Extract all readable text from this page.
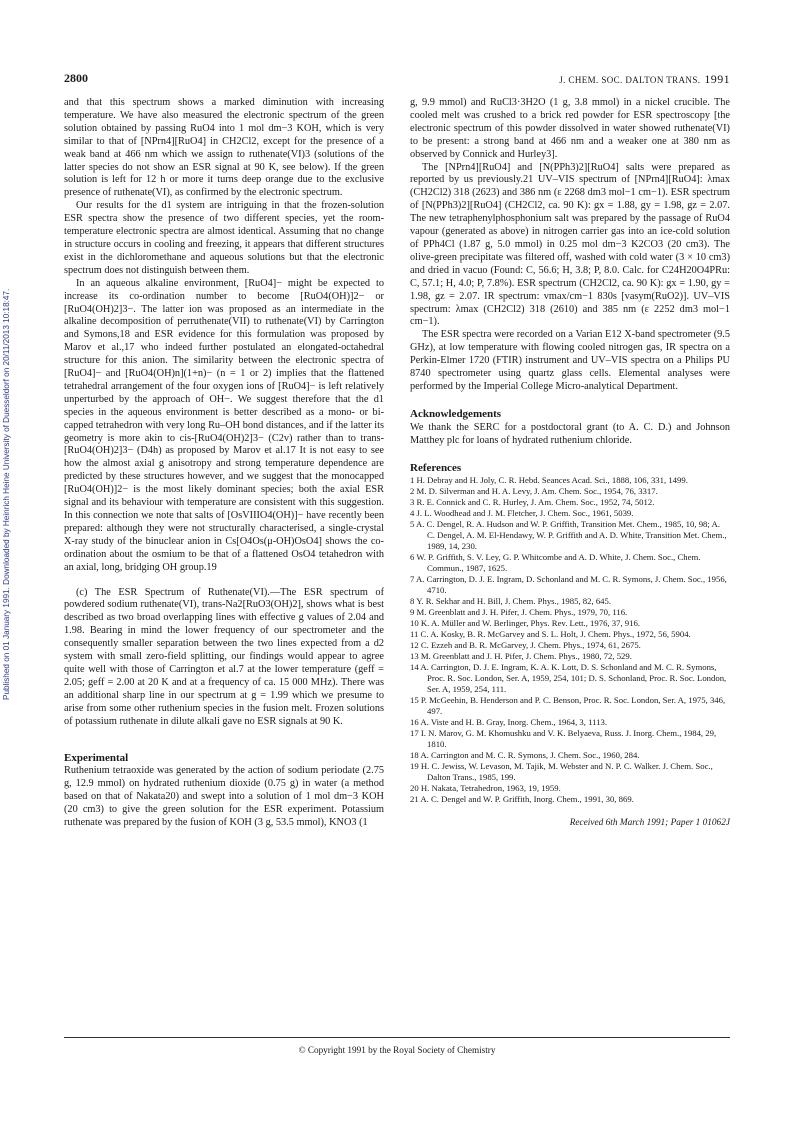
Published on 01 January 1991. Downloaded by Heinrich Heine University of Duesseldorf on 20/11/2013 10:18:47.
2800	J. CHEM. SOC. DALTON TRANS. 1991

and that this spectrum shows a marked diminution with increasing temperature. We have also measured the electronic spectrum of the green solution obtained by passing RuO4 into 1 mol dm−3 KOH, which is very similar to that of [NPrn4][RuO4] in CH2Cl2, except for the presence of a weak band at 466 nm which we assign to ruthenate(VI)3 (solutions of the latter species do not show an ESR signal at 90 K, see below). If the green solution is left for 12 h or more it turns deep orange due to the exclusive presence of ruthenate(VI), as confirmed by the electronic spectrum.

Our results for the d1 system are intriguing in that the frozen-solution ESR spectra show the presence of two different species, yet the room-temperature electronic spectra are almost identical. Assuming that no change in structure occurs in cooling and freezing, it appears that different structures exist in the dichloromethane and aqueous solutions but that the electronic spectrum does not distinguish between them.

In an aqueous alkaline environment, [RuO4]− might be expected to increase its co-ordination number to become [RuO4(OH)]2− or [RuO4(OH)2]3−. The latter ion was proposed as an intermediate in the alkaline decomposition of perruthenate(VII) to ruthenate(VI) by Carrington and Symons,18 and ESR evidence for this formulation was proposed by Marov et al.,17 who indeed further postulated an elongated-octahedral structure for this anion. The similarity between the electronic spectra of [RuO4]− and [RuO4(OH)n](1+n)− (n = 1 or 2) implies that the flattened tetrahedral arrangement of the four oxygen ions of [RuO4]− is left relatively unperturbed by the approach of OH−. We suggest therefore that the d1 species in the aqueous environment is better described as a mono- or bi-capped tetrahedron with very long Ru–OH bond distances, and if the latter its geometry is more akin to cis-[RuO4(OH)2]3− (C2v) rather than to trans-[RuO4(OH)2]3− (D4h) as proposed by Marov et al.17 It is not easy to see how the almost axial g anisotropy and strong temperature dependence are predicted by these structures however, and we suggest that the monocapped [RuO4(OH)]2− is the most likely dominant species; both the axial ESR signal and its behaviour with temperature are consistent with this suggestion. In this connection we note that salts of [OsVIIIO4(OH)]− have recently been prepared: although they were not structurally characterised, a single-crystal X-ray study of the binuclear anion in Cs[O4Os(μ-OH)OsO4] shows the co-ordination about the osmium to be that of a flattened OsO4 tetahedron with an axial, long, bridging OH group.19

(c) The ESR Spectrum of Ruthenate(VI).—The ESR spectrum of powdered sodium ruthenate(VI), trans-Na2[RuO3(OH)2], shows what is best described as two broad overlapping lines with effective g values of 2.04 and 1.98. Bearing in mind the lower frequency of our spectrometer and the consequently smaller separation between the two lines expected from a d2 system with small zero-field splitting, our findings would appear to agree quite well with those of Carrington et al.7 at the lower temperature (geff = 2.05; geff = 2.00 at 20 K and at a frequency of ca. 15 000 MHz). There was an additional sharp line in our spectrum at g = 1.99 which we presume to arise from some other ruthenium species in the fusion melt. Frozen solutions of potassium ruthenate in dilute alkali gave no ESR signals at 90 K.

Experimental

Ruthenium tetraoxide was generated by the action of sodium periodate (2.75 g, 12.9 mmol) on hydrated ruthenium dioxide (0.75 g) in water (a method based on that of Nakata20) and swept into a solution of 1 mol dm−3 KOH (20 cm3) to give the green solution for the ESR experiment. Potassium ruthenate was prepared by the fusion of KOH (3 g, 53.5 mmol), KNO3 (1

g, 9.9 mmol) and RuCl3·3H2O (1 g, 3.8 mmol) in a nickel crucible. The cooled melt was crushed to a brick red powder for ESR spectroscopy [the electronic spectrum of this powder dissolved in water showed ruthenate(VI) to be present: a strong band at 466 nm and a weaker one at 380 nm as observed by Connick and Hurley3].

The [NPrn4][RuO4] and [N(PPh3)2][RuO4] salts were prepared as reported by us previously.21 UV–VIS spectrum of [NPrn4][RuO4]: λmax (CH2Cl2) 318 (2623) and 386 nm (ε 2268 dm3 mol−1 cm−1). ESR spectrum of [N(PPh3)2][RuO4] (CH2Cl2, ca. 90 K): gx = 1.88, gy = 1.98, gz = 2.07. The new tetraphenylphosphonium salt was prepared by the passage of RuO4 vapour (generated as above) in nitrogen carrier gas into an ice-cold solution of PPh4Cl (1.87 g, 5.0 mmol) in 0.25 mol dm−3 K2CO3 (20 cm3). The olive-green precipitate was filtered off, washed with cold water (3 × 10 cm3) and dried in vacuo (Found: C, 56.6; H, 3.8; P, 8.0. Calc. for C24H20O4PRu: C, 57.1; H, 4.0; P, 7.8%). ESR spectrum (CH2Cl2, ca. 90 K): gx = 1.90, gy = 1.98, gz = 2.07. IR spectrum: vmax/cm−1 830s [vasym(RuO2)]. UV–VIS spectrum: λmax (CH2Cl2) 318 (2610) and 385 nm (ε 2252 dm3 mol−1 cm−1).

The ESR spectra were recorded on a Varian E12 X-band spectrometer (9.5 GHz), at low temperature with flowing cooled nitrogen gas, IR spectra on a Perkin-Elmer 1720 (FTIR) instrument and UV–VIS spectra on a Philips PU 8740 spectrometer using quartz glass cells. Elemental analyses were performed by the Imperial College Micro-analytical Department.

Acknowledgements

We thank the SERC for a postdoctoral grant (to A. C. D.) and Johnson Matthey plc for loans of hydrated ruthenium chloride.

References
1 H. Debray and H. Joly, C. R. Hebd. Seances Acad. Sci., 1888, 106, 331, 1499.
2 M. D. Silverman and H. A. Levy, J. Am. Chem. Soc., 1954, 76, 3317.
3 R. E. Connick and C. R. Hurley, J. Am. Chem. Soc., 1952, 74, 5012.
4 J. L. Woodhead and J. M. Fletcher, J. Chem. Soc., 1961, 5039.
5 A. C. Dengel, R. A. Hudson and W. P. Griffith, Transition Met. Chem., 1985, 10, 98; A. C. Dengel, A. M. El-Hendawy, W. P. Griffith and A. D. White, Transition Met. Chem., 1989, 14, 230.
6 W. P. Griffith, S. V. Ley, G. P. Whitcombe and A. D. White, J. Chem. Soc., Chem. Commun., 1987, 1625.
7 A. Carrington, D. J. E. Ingram, D. Schonland and M. C. R. Symons, J. Chem. Soc., 1956, 4710.
8 Y. R. Sekhar and H. Bill, J. Chem. Phys., 1985, 82, 645.
9 M. Greenblatt and J. H. Pifer, J. Chem. Phys., 1979, 70, 116.
10 K. A. Müller and W. Berlinger, Phys. Rev. Lett., 1976, 37, 916.
11 C. A. Kosky, B. R. McGarvey and S. L. Holt, J. Chem. Phys., 1972, 56, 5904.
12 C. Ezzeh and B. R. McGarvey, J. Chem. Phys., 1974, 61, 2675.
13 M. Greenblatt and J. H. Pifer, J. Chem. Phys., 1980, 72, 529.
14 A. Carrington, D. J. E. Ingram, K. A. K. Lott, D. S. Schonland and M. C. R. Symons, Proc. R. Soc. London, Ser. A, 1959, 254, 101; D. S. Schonland, Proc. R. Soc. London, Ser. A, 1959, 254, 111.
15 P. McGeehin, B. Henderson and P. C. Benson, Proc. R. Soc. London, Ser. A, 1975, 346, 497.
16 A. Viste and H. B. Gray, Inorg. Chem., 1964, 3, 1113.
17 I. N. Marov, G. M. Khomushku and V. K. Belyaeva, Russ. J. Inorg. Chem., 1984, 29, 1810.
18 A. Carrington and M. C. R. Symons, J. Chem. Soc., 1960, 284.
19 H. C. Jewiss, W. Levason, M. Tajik, M. Webster and N. P. C. Walker. J. Chem. Soc., Dalton Trans., 1985, 199.
20 H. Nakata, Tetrahedron, 1963, 19, 1959.
21 A. C. Dengel and W. P. Griffith, Inorg. Chem., 1991, 30, 869.
Received 6th March 1991; Paper 1 01062J
© Copyright 1991 by the Royal Society of Chemistry
